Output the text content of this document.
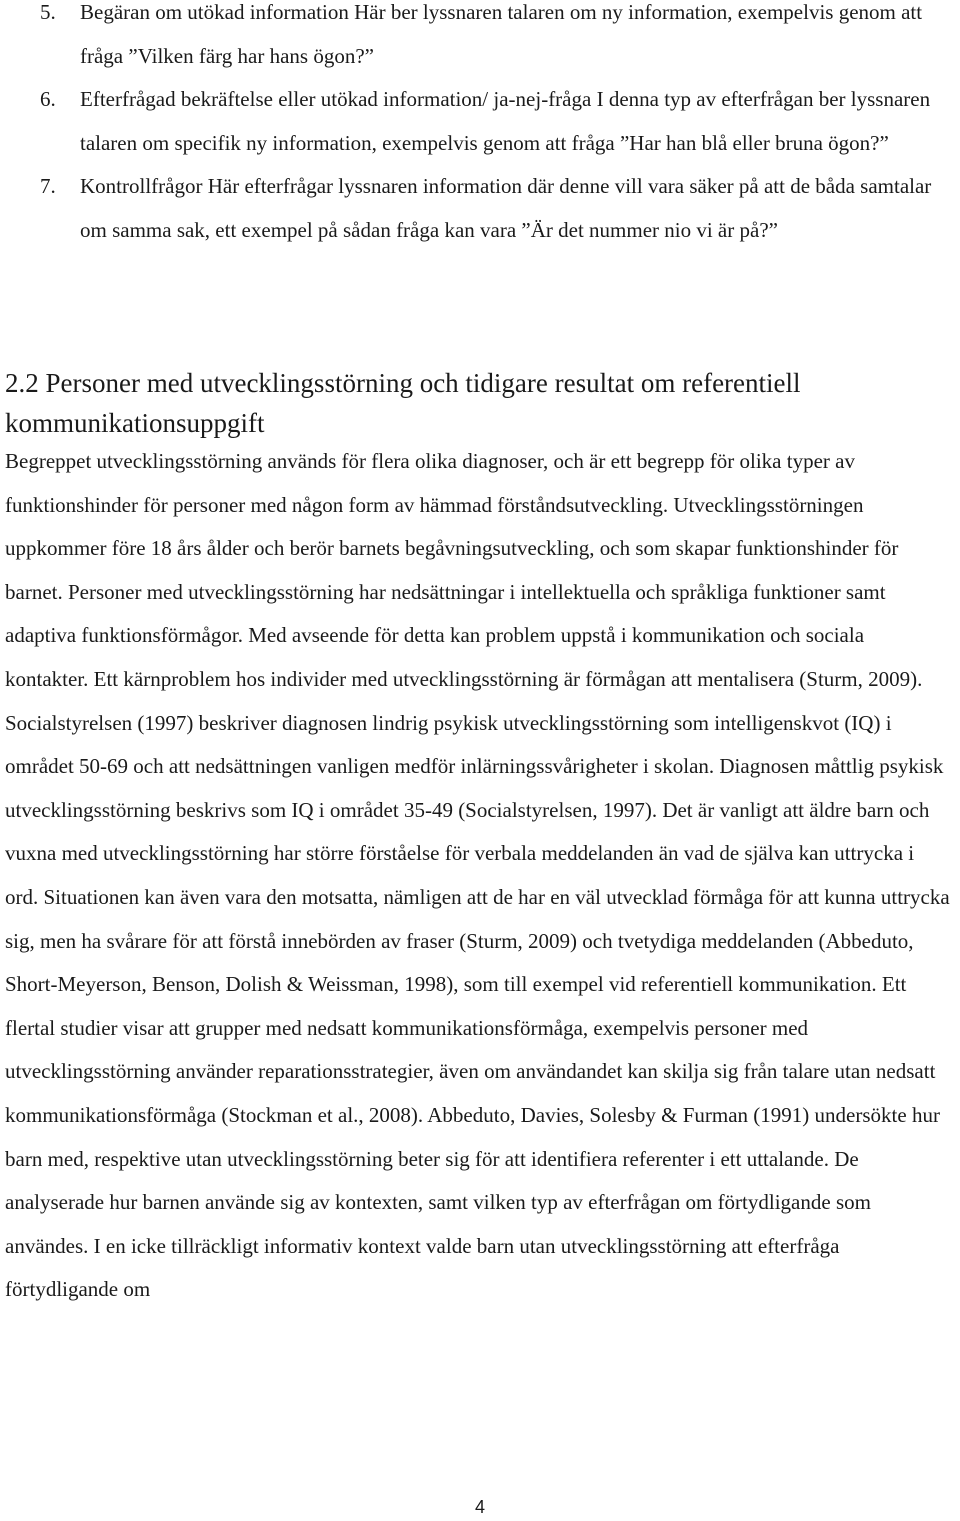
5. Begäran om utökad information Här ber lyssnaren talaren om ny information, exempelvis genom att fråga ”Vilken färg har hans ögon?”
6. Efterfrågad bekräftelse eller utökad information/ ja-nej-fråga I denna typ av efterfrågan ber lyssnaren talaren om specifik ny information, exempelvis genom att fråga ”Har han blå eller bruna ögon?”
7. Kontrollfrågor Här efterfrågar lyssnaren information där denne vill vara säker på att de båda samtalar om samma sak, ett exempel på sådan fråga kan vara ”Är det nummer nio vi är på?”
2.2 Personer med utvecklingsstörning och tidigare resultat om referentiell kommunikationsuppgift

Begreppet utvecklingsstörning används för flera olika diagnoser, och är ett begrepp för olika typer av funktionshinder för personer med någon form av hämmad förståndsutveckling. Utvecklingsstörningen uppkommer före 18 års ålder och berör barnets begåvningsutveckling, och som skapar funktionshinder för barnet. Personer med utvecklingsstörning har nedsättningar i intellektuella och språkliga funktioner samt adaptiva funktionsförmågor. Med avseende för detta kan problem uppstå i kommunikation och sociala kontakter. Ett kärnproblem hos individer med utvecklingsstörning är förmågan att mentalisera (Sturm, 2009). Socialstyrelsen (1997) beskriver diagnosen lindrig psykisk utvecklingsstörning som intelligenskvot (IQ) i området 50-69 och att nedsättningen vanligen medför inlärningssvårigheter i skolan. Diagnosen måttlig psykisk utvecklingsstörning beskrivs som IQ i området 35-49 (Socialstyrelsen, 1997). Det är vanligt att äldre barn och vuxna med utvecklingsstörning har större förståelse för verbala meddelanden än vad de själva kan uttrycka i ord. Situationen kan även vara den motsatta, nämligen att de har en väl utvecklad förmåga för att kunna uttrycka sig, men ha svårare för att förstå innebörden av fraser (Sturm, 2009) och tvetydiga meddelanden (Abbeduto, Short-Meyerson, Benson, Dolish & Weissman, 1998), som till exempel vid referentiell kommunikation. Ett flertal studier visar att grupper med nedsatt kommunikationsförmåga, exempelvis personer med utvecklingsstörning använder reparationsstrategier, även om användandet kan skilja sig från talare utan nedsatt kommunikationsförmåga (Stockman et al., 2008). Abbeduto, Davies, Solesby & Furman (1991) undersökte hur barn med, respektive utan utvecklingsstörning beter sig för att identifiera referenter i ett uttalande. De analyserade hur barnen använde sig av kontexten, samt vilken typ av efterfrågan om förtydligande som användes. I en icke tillräckligt informativ kontext valde barn utan utvecklingsstörning att efterfråga förtydligande om

4
